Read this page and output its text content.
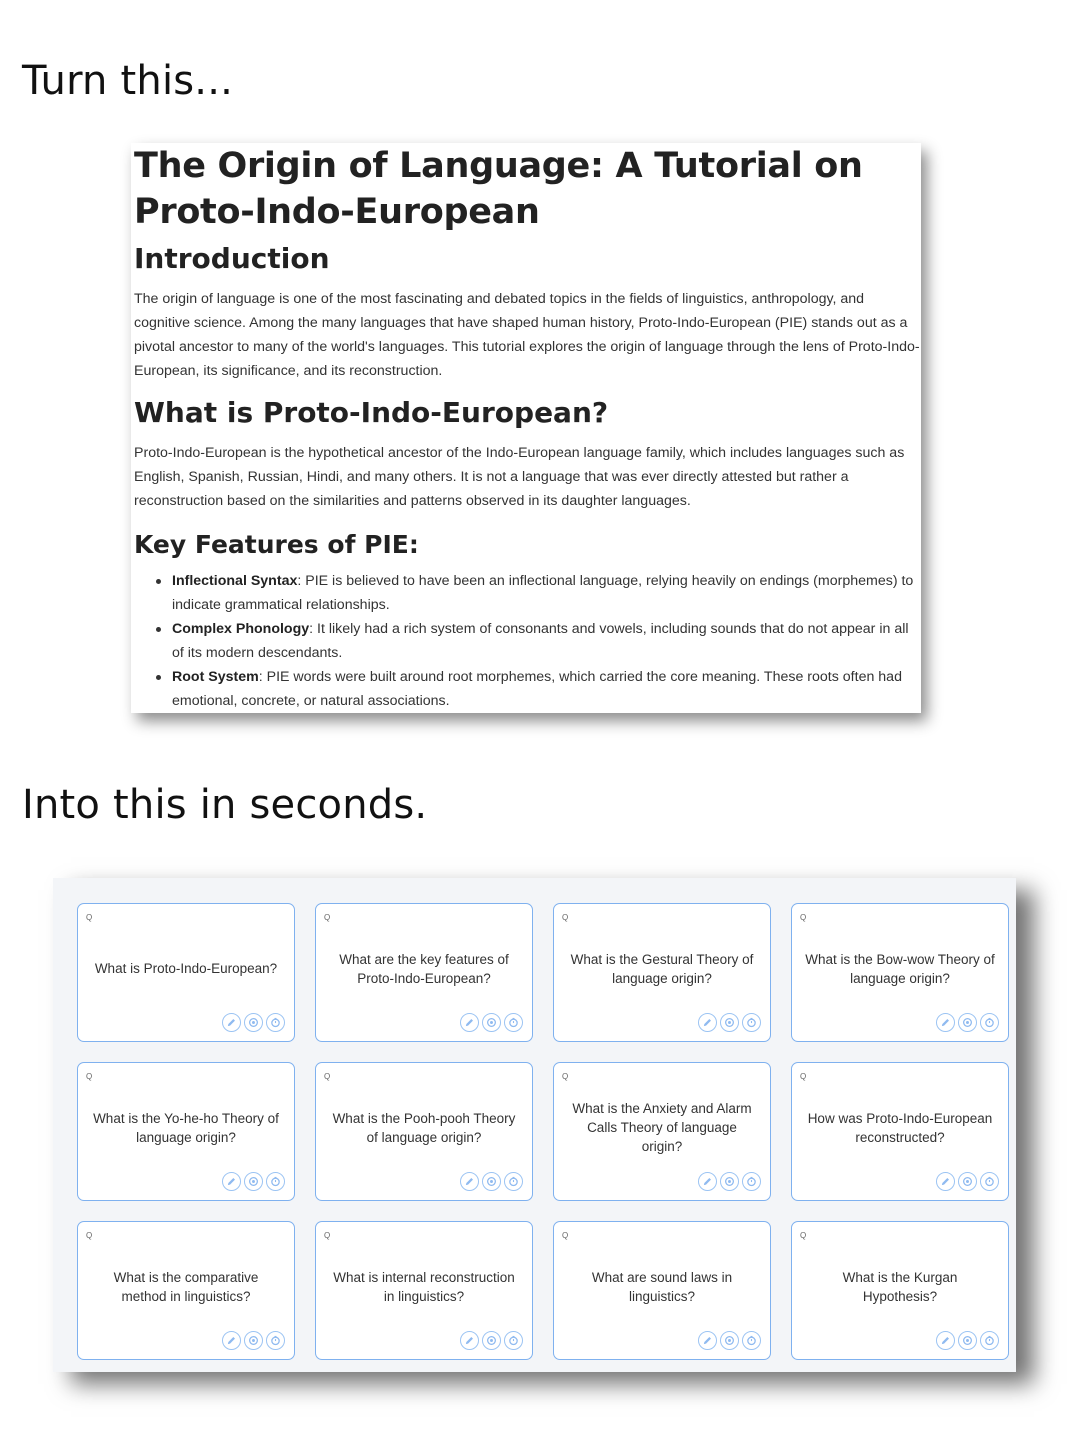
Turn this...
The Origin of Language: A Tutorial on Proto-Indo-European
Introduction

The origin of language is one of the most fascinating and debated topics in the fields of linguistics, anthropology, and cognitive science. Among the many languages that have shaped human history, Proto-Indo-European (PIE) stands out as a pivotal ancestor to many of the world's languages. This tutorial explores the origin of language through the lens of Proto-Indo-European, its significance, and its reconstruction.

What is Proto-Indo-European?

Proto-Indo-European is the hypothetical ancestor of the Indo-European language family, which includes languages such as English, Spanish, Russian, Hindi, and many others. It is not a language that was ever directly attested but rather a reconstruction based on the similarities and patterns observed in its daughter languages.

Key Features of PIE:
Inflectional Syntax: PIE is believed to have been an inflectional language, relying heavily on endings (morphemes) to indicate grammatical relationships.
Complex Phonology: It likely had a rich system of consonants and vowels, including sounds that do not appear in all of its modern descendants.
Root System: PIE words were built around root morphemes, which carried the core meaning. These roots often had emotional, concrete, or natural associations.
Into this in seconds.
Q
What is Proto-Indo-European?
Q
What are the key features of Proto-Indo-European?
Q
What is the Gestural Theory of language origin?
Q
What is the Bow-wow Theory of language origin?
Q
What is the Yo-he-ho Theory of language origin?
Q
What is the Pooh-pooh Theory of language origin?
Q
What is the Anxiety and Alarm Calls Theory of language origin?
Q
How was Proto-Indo-European reconstructed?
Q
What is the comparative method in linguistics?
Q
What is internal reconstruction in linguistics?
Q
What are sound laws in linguistics?
Q
What is the Kurgan Hypothesis?
